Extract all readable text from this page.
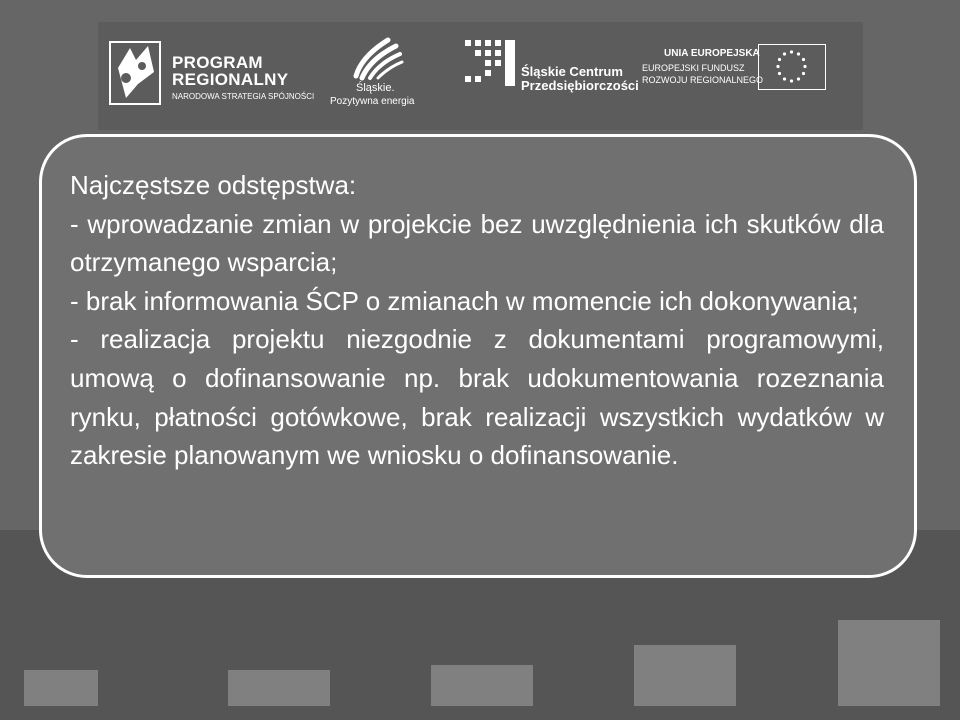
PROGRAM
REGIONALNY
NARODOWA STRATEGIA SPÓJNOŚCI
Śląskie.
Pozytywna energia
Śląskie Centrum
Przedsiębiorczości
UNIA EUROPEJSKA
EUROPEJSKI FUNDUSZ
ROZWOJU REGIONALNEGO

Najczęstsze odstępstwa:

- wprowadzanie zmian w projekcie bez uwzględnienia ich skutków dla otrzymanego wsparcia;

- brak informowania ŚCP o zmianach w momencie ich dokonywania;

- realizacja projektu niezgodnie z dokumentami programowymi, umową o dofinansowanie np. brak udokumentowania rozeznania rynku, płatności gotówkowe, brak realizacji wszystkich wydatków w zakresie planowanym we wniosku o dofinansowanie.
